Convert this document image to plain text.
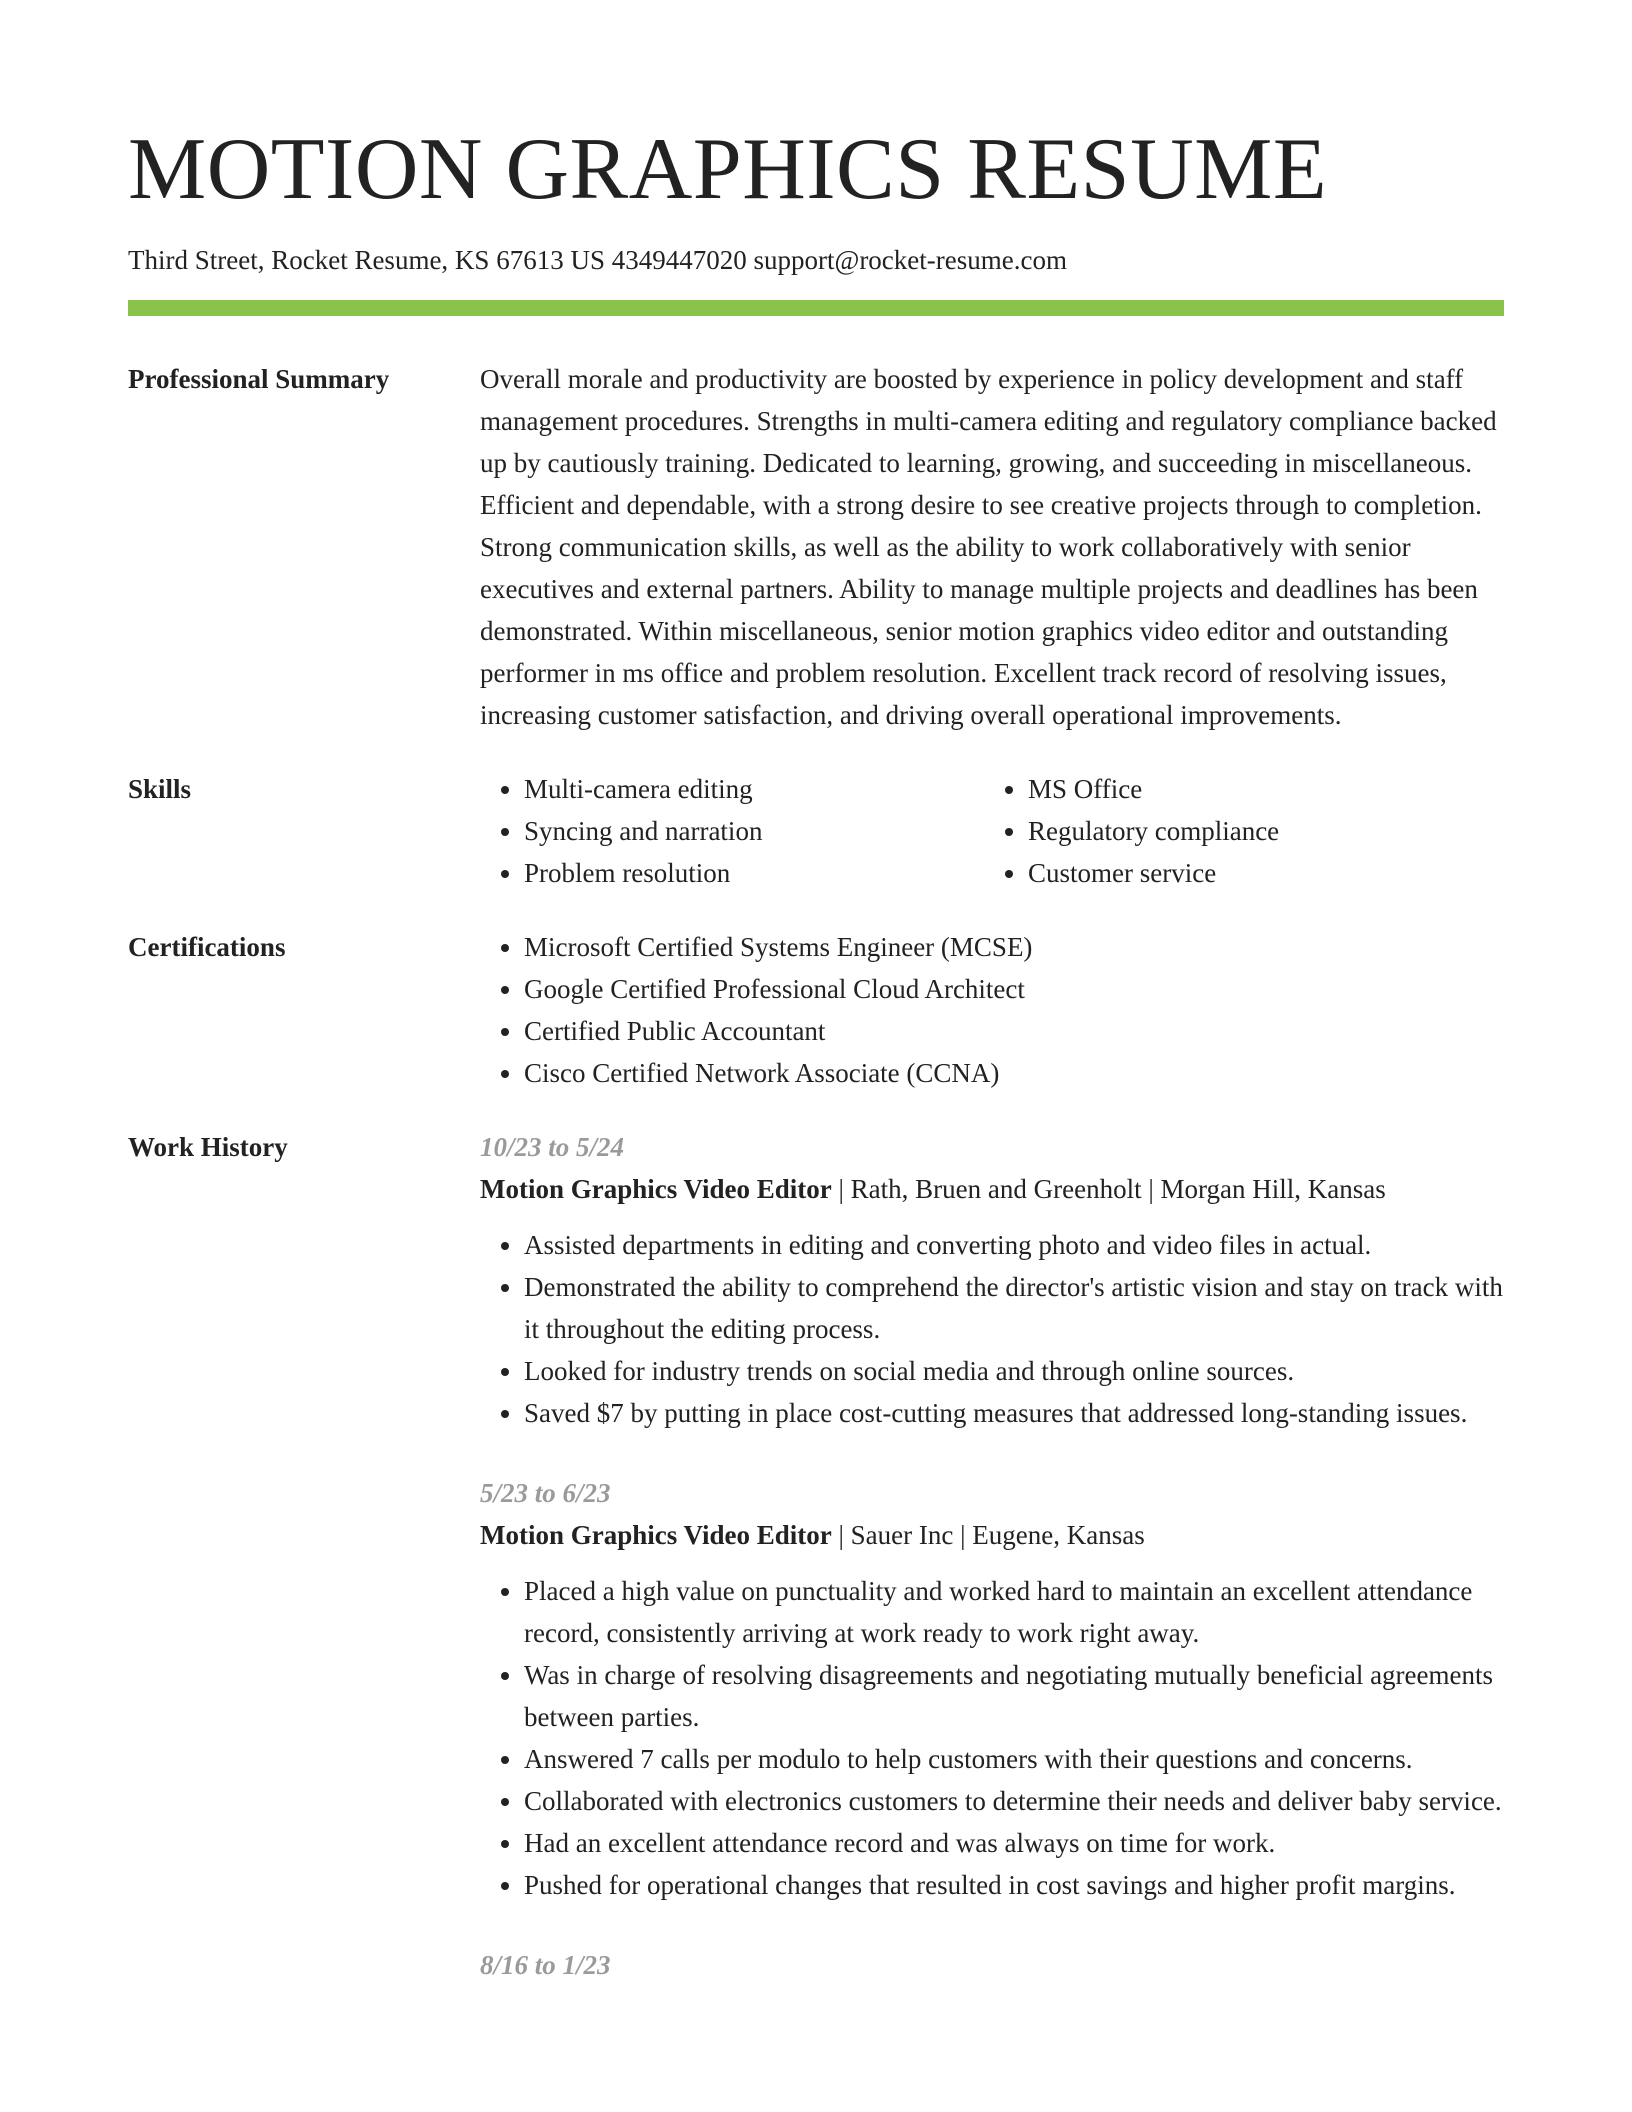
MOTION GRAPHICS RESUME
Third Street, Rocket Resume, KS 67613 US 4349447020 support@rocket-resume.com
Professional Summary	Overall morale and productivity are boosted by experience in policy development and staff management procedures. Strengths in multi-camera editing and regulatory compliance backed up by cautiously training. Dedicated to learning, growing, and succeeding in miscellaneous. Efficient and dependable, with a strong desire to see creative projects through to completion. Strong communication skills, as well as the ability to work collaboratively with senior executives and external partners. Ability to manage multiple projects and deadlines has been demonstrated. Within miscellaneous, senior motion graphics video editor and outstanding performer in ms office and problem resolution. Excellent track record of resolving issues, increasing customer satisfaction, and driving overall operational improvements.

Skills	• Multi-camera editing
• Syncing and narration
• Problem resolution
• MS Office
• Regulatory compliance
• Customer service
Certifications	• Microsoft Certified Systems Engineer (MCSE)
• Google Certified Professional Cloud Architect
• Certified Public Accountant
• Cisco Certified Network Associate (CCNA)
Work History	10/23 to 5/24
Motion Graphics Video Editor | Rath, Bruen and Greenholt | Morgan Hill, Kansas
• Assisted departments in editing and converting photo and video files in actual.
• Demonstrated the ability to comprehend the director's artistic vision and stay on track with it throughout the editing process.
• Looked for industry trends on social media and through online sources.
• Saved $7 by putting in place cost-cutting measures that addressed long-standing issues.
5/23 to 6/23
Motion Graphics Video Editor | Sauer Inc | Eugene, Kansas
• Placed a high value on punctuality and worked hard to maintain an excellent attendance record, consistently arriving at work ready to work right away.
• Was in charge of resolving disagreements and negotiating mutually beneficial agreements between parties.
• Answered 7 calls per modulo to help customers with their questions and concerns.
• Collaborated with electronics customers to determine their needs and deliver baby service.
• Had an excellent attendance record and was always on time for work.
• Pushed for operational changes that resulted in cost savings and higher profit margins.
8/16 to 1/23
